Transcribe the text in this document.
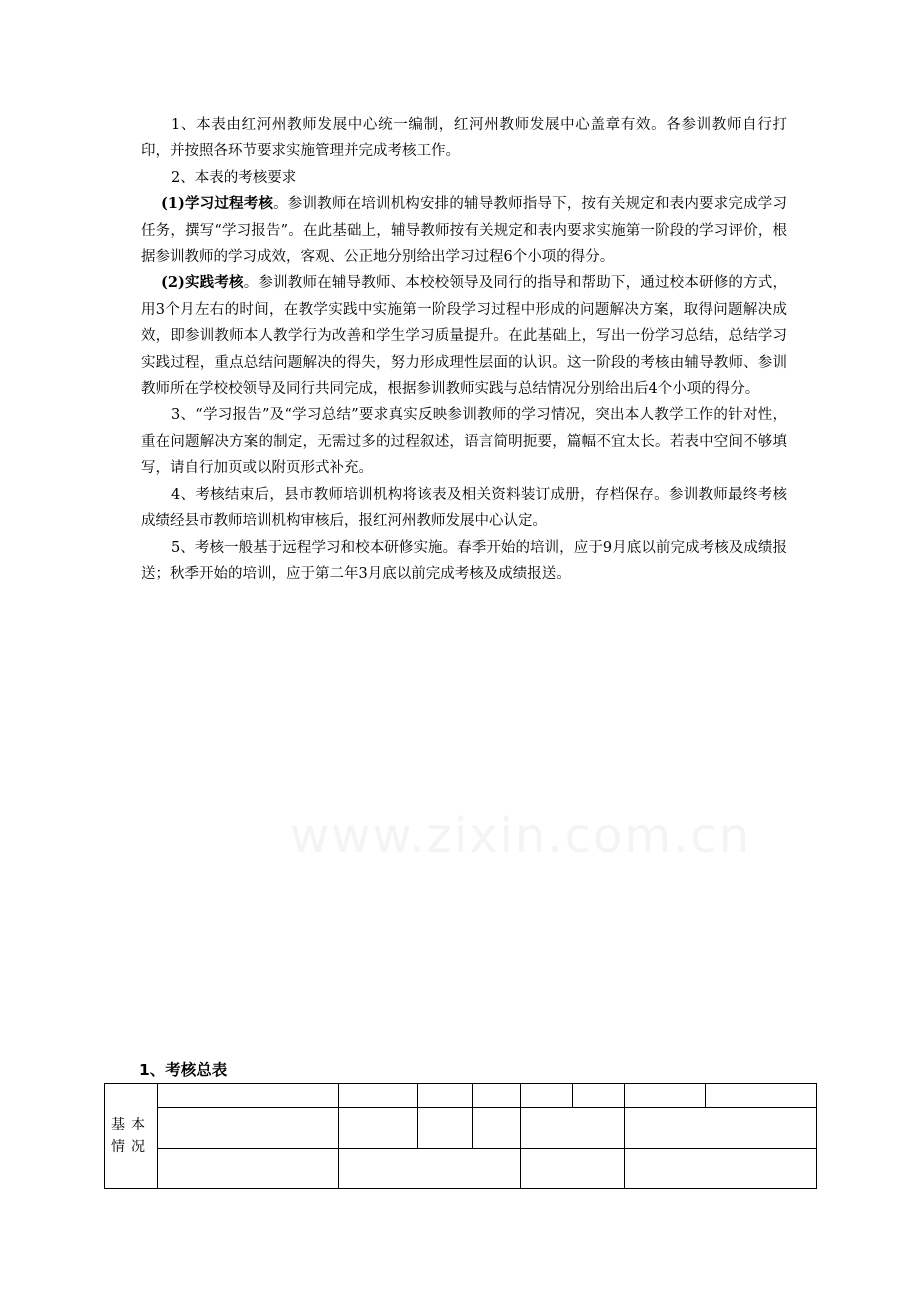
www.zixin.com.cn

1、本表由红河州教师发展中心统一编制，红河州教师发展中心盖章有效。各参训教师自行打印，并按照各环节要求实施管理并完成考核工作。

2、本表的考核要求

(1)学习过程考核。参训教师在培训机构安排的辅导教师指导下，按有关规定和表内要求完成学习任务，撰写“学习报告”。在此基础上，辅导教师按有关规定和表内要求实施第一阶段的学习评价，根据参训教师的学习成效，客观、公正地分别给出学习过程6个小项的得分。

(2)实践考核。参训教师在辅导教师、本校校领导及同行的指导和帮助下，通过校本研修的方式，用3个月左右的时间，在教学实践中实施第一阶段学习过程中形成的问题解决方案，取得问题解决成效，即参训教师本人教学行为改善和学生学习质量提升。在此基础上，写出一份学习总结，总结学习实践过程，重点总结问题解决的得失，努力形成理性层面的认识。这一阶段的考核由辅导教师、参训教师所在学校校领导及同行共同完成，根据参训教师实践与总结情况分别给出后4个小项的得分。

3、“学习报告”及“学习总结”要求真实反映参训教师的学习情况，突出本人教学工作的针对性，重在问题解决方案的制定，无需过多的过程叙述，语言简明扼要，篇幅不宜太长。若表中空间不够填写，请自行加页或以附页形式补充。

4、考核结束后，县市教师培训机构将该表及相关资料装订成册，存档保存。参训教师最终考核成绩经县市教师培训机构审核后，报红河州教师发展中心认定。

5、考核一般基于远程学习和校本研修实施。春季开始的培训，应于9月底以前完成考核及成绩报送；秋季开始的培训，应于第二年3月底以前完成考核及成绩报送。

1、考核总表
基本
情况								
